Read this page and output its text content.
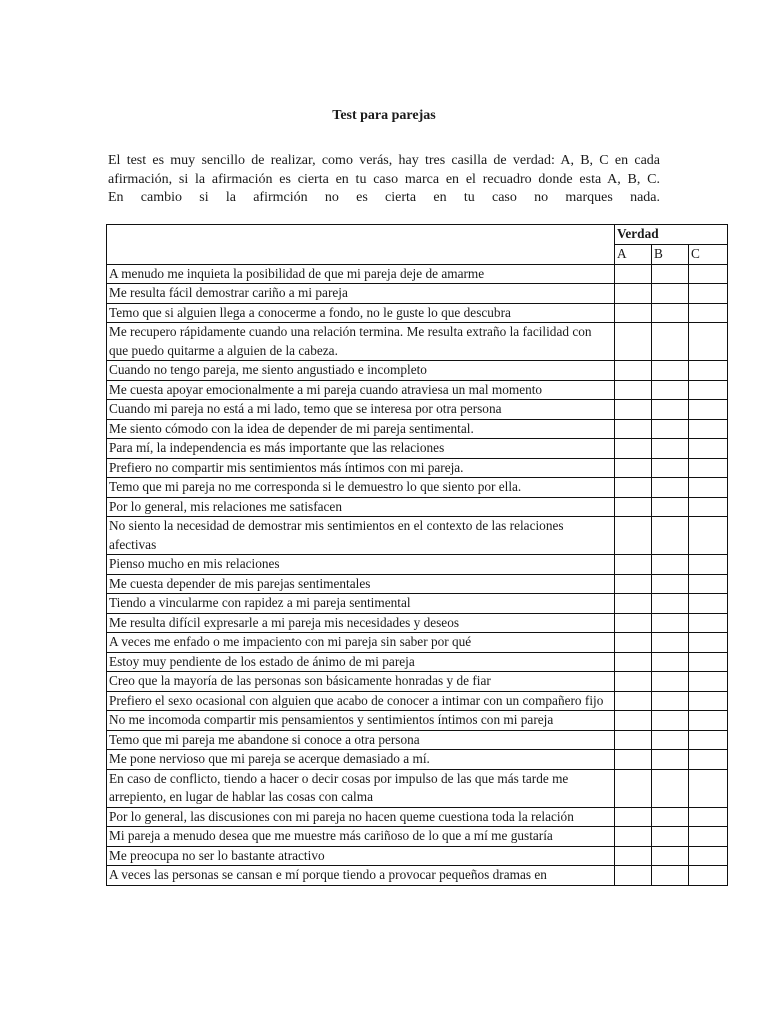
Test para parejas
El test es muy sencillo de realizar, como verás, hay tres casilla de verdad: A, B, C en cada
afirmación, si la afirmación es cierta en tu caso marca en el recuadro donde esta A, B, C.
En cambio si la afirmción no es cierta en tu caso no marques nada.
	Verdad		
	A	B	C
A menudo me inquieta la posibilidad de que mi pareja deje de amarme			
Me resulta fácil demostrar cariño a mi pareja			
Temo que si alguien llega a conocerme a fondo, no le guste lo que descubra			
Me recupero rápidamente cuando una relación termina. Me resulta extraño la facilidad con que puedo quitarme a alguien de la cabeza.			
Cuando no tengo pareja, me siento angustiado e incompleto			
Me cuesta apoyar emocionalmente a mi pareja cuando atraviesa un mal momento			
Cuando mi pareja no está a mi lado, temo que se interesa por otra persona			
Me siento cómodo con la idea de depender de mi pareja sentimental.			
Para mí, la independencia es más importante que las relaciones			
Prefiero no compartir mis sentimientos más íntimos con mi pareja.			
Temo que mi pareja no me corresponda si le demuestro lo que siento por ella.			
Por lo general, mis relaciones me satisfacen			
No siento la necesidad de demostrar mis sentimientos en el contexto de las relaciones afectivas			
Pienso mucho en mis relaciones			
Me cuesta depender de mis parejas sentimentales			
Tiendo a vincularme con rapidez a mi pareja sentimental			
Me resulta difícil expresarle a mi pareja mis necesidades y deseos			
A veces me enfado o me impaciento con mi pareja sin saber por qué			
Estoy muy pendiente de los estado de ánimo de mi pareja			
Creo que la mayoría de las personas son básicamente honradas y de fiar			
Prefiero el sexo ocasional con alguien que acabo de conocer a intimar con un compañero fijo			
No me incomoda compartir mis pensamientos y sentimientos íntimos con mi pareja			
Temo que mi pareja me abandone si conoce a otra persona			
Me pone nervioso que mi pareja se acerque demasiado a mí.			
En caso de conflicto, tiendo a hacer o decir cosas por impulso de las que más tarde me arrepiento, en lugar de hablar las cosas con calma			
Por lo general, las discusiones con mi pareja no hacen queme cuestiona toda la relación			
Mi pareja a menudo desea que me muestre más cariñoso de lo que a mí me gustaría			
Me preocupa no ser lo bastante atractivo			
A veces las personas se cansan e mí porque tiendo a provocar pequeños dramas en			
